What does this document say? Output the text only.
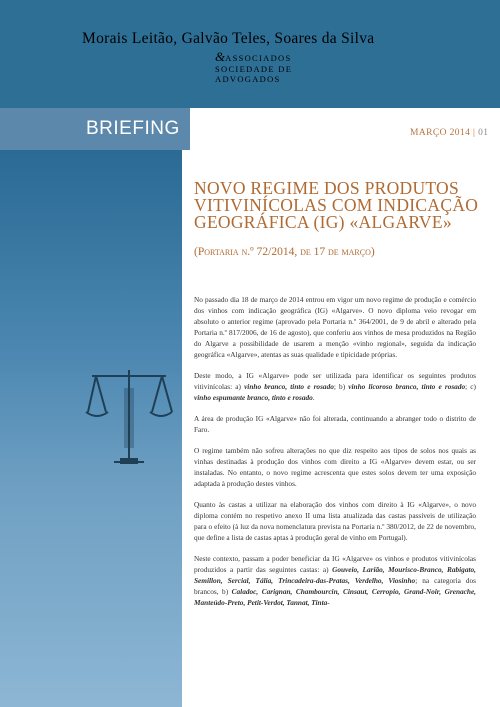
Morais Leitão, Galvão Teles, Soares da Silva
&ASSOCIADOS
SOCIEDADE DE
ADVOGADOS
BRIEFING	MARÇO 2014 | 01
NOVO REGIME DOS PRODUTOS VITIVINÍCOLAS COM INDICAÇÃO GEOGRÁFICA (IG) «ALGARVE»
(Portaria n.º 72/2014, de 17 de março)

No passado dia 18 de março de 2014 entrou em vigor um novo regime de produção e comércio dos vinhos com indicação geográfica (IG) «Algarve». O novo diploma veio revogar em absoluto o anterior regime (aprovado pela Portaria n.º 364/2001, de 9 de abril e alterado pela Portaria n.º 817/2006, de 16 de agosto), que conferiu aos vinhos de mesa produzidos na Região do Algarve a possibilidade de usarem a menção «vinho regional», seguida da indicação geográfica «Algarve», atentas as suas qualidade e tipicidade próprias.

Deste modo, a IG «Algarve» pode ser utilizada para identificar os seguintes produtos vitivinícolas: a) vinho branco, tinto e rosado; b) vinho licoroso branco, tinto e rosado; c) vinho espumante branco, tinto e rosado.

A área de produção IG «Algarve» não foi alterada, continuando a abranger todo o distrito de Faro.

O regime também não sofreu alterações no que diz respeito aos tipos de solos nos quais as vinhas destinadas à produção dos vinhos com direito a IG «Algarve» devem estar, ou ser instaladas. No entanto, o novo regime acrescenta que estes solos devem ter uma exposição adaptada à produção destes vinhos.

Quanto às castas a utilizar na elaboração dos vinhos com direito à IG «Algarve», o novo diploma contém no respetivo anexo II uma lista atualizada das castas passíveis de utilização para o efeito (à luz da nova nomenclatura prevista na Portaria n.º 380/2012, de 22 de novembro, que define a lista de castas aptas à produção geral de vinho em Portugal).

Neste contexto, passam a poder beneficiar da IG «Algarve» os vinhos e produtos vitivinícolas produzidos a partir das seguintes castas: a) Gouveio, Larião, Mourisco-Branco, Rabigato, Semillon, Sercial, Tália, Trincadeira-das-Pratas, Verdelho, Viosinho; na categoria dos brancos, b) Caladoc, Carignan, Chambourcin, Cinsaut, Cerropio, Grand-Noir, Grenache, Manteúdo-Preto, Petit-Verdot, Tannat, Tinta-
